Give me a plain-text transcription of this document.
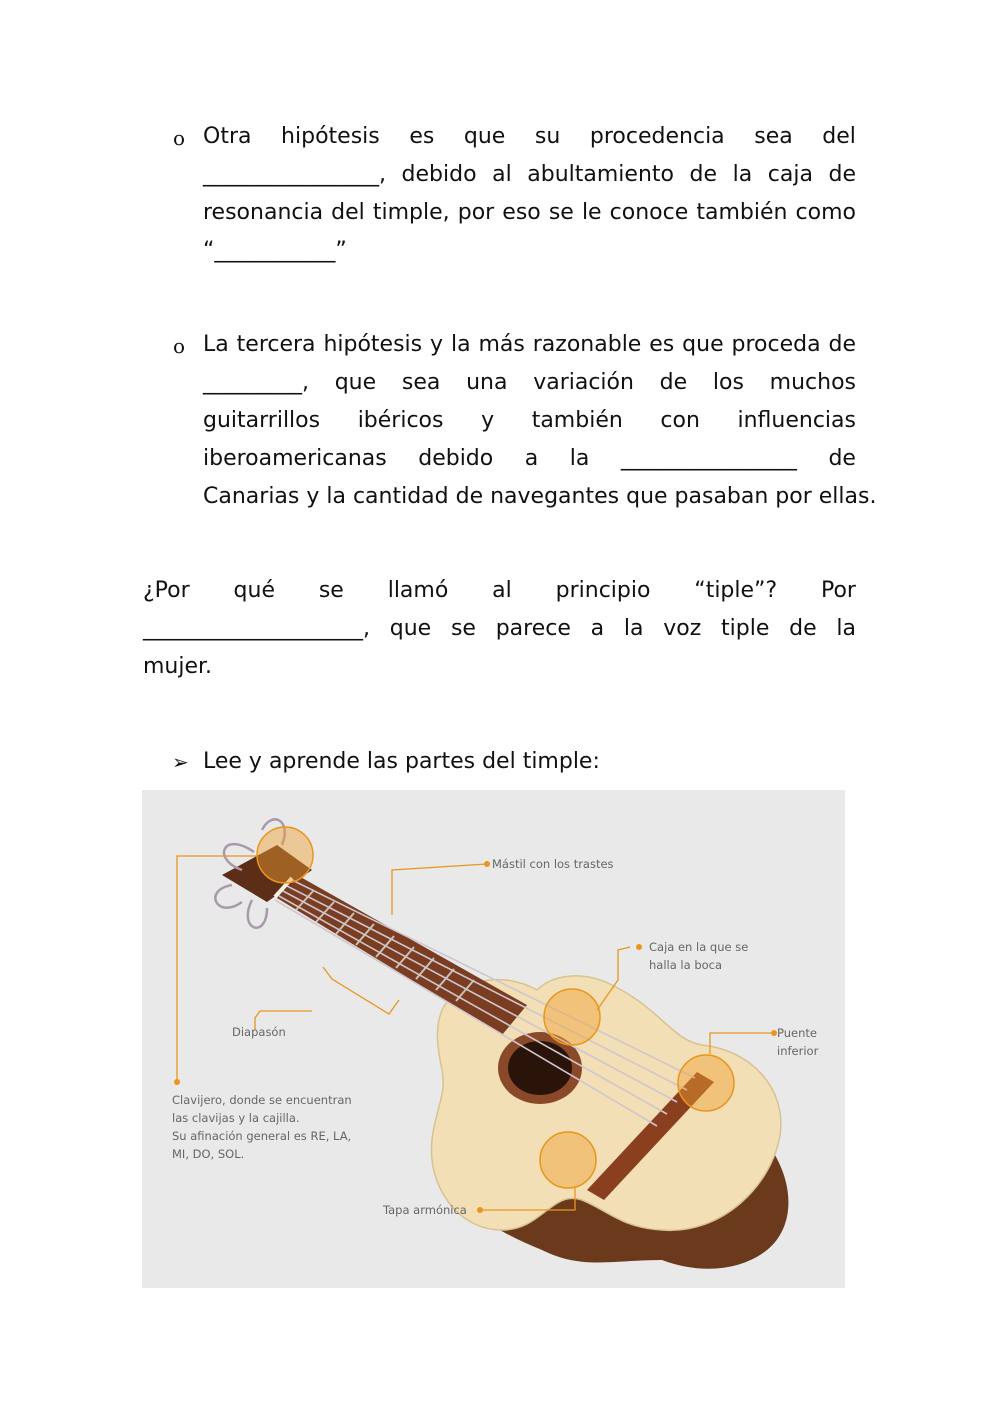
o Otra hipótesis es que su procedencia sea del
________________, debido al abultamiento de la caja de
resonancia del timple, por eso se le conoce también como
“___________”
o La tercera hipótesis y la más razonable es que proceda de
_________, que sea una variación de los muchos
guitarrillos ibéricos y también con influencias
iberoamericanas debido a la ________________ de
Canarias y la cantidad de navegantes que pasaban por ellas.
¿Por qué se llamó al principio “tiple”? Por
____________________, que se parece a la voz tiple de la
mujer.
➢ Lee y aprende las partes del timple:
Mástil con los trastes
Caja en la que se
halla la boca
Puente
inferior
Diapasón
Clavijero, donde se encuentran
las clavijas y la cajilla.
Su afinación general es RE, LA,
MI, DO, SOL.
Tapa armónica
